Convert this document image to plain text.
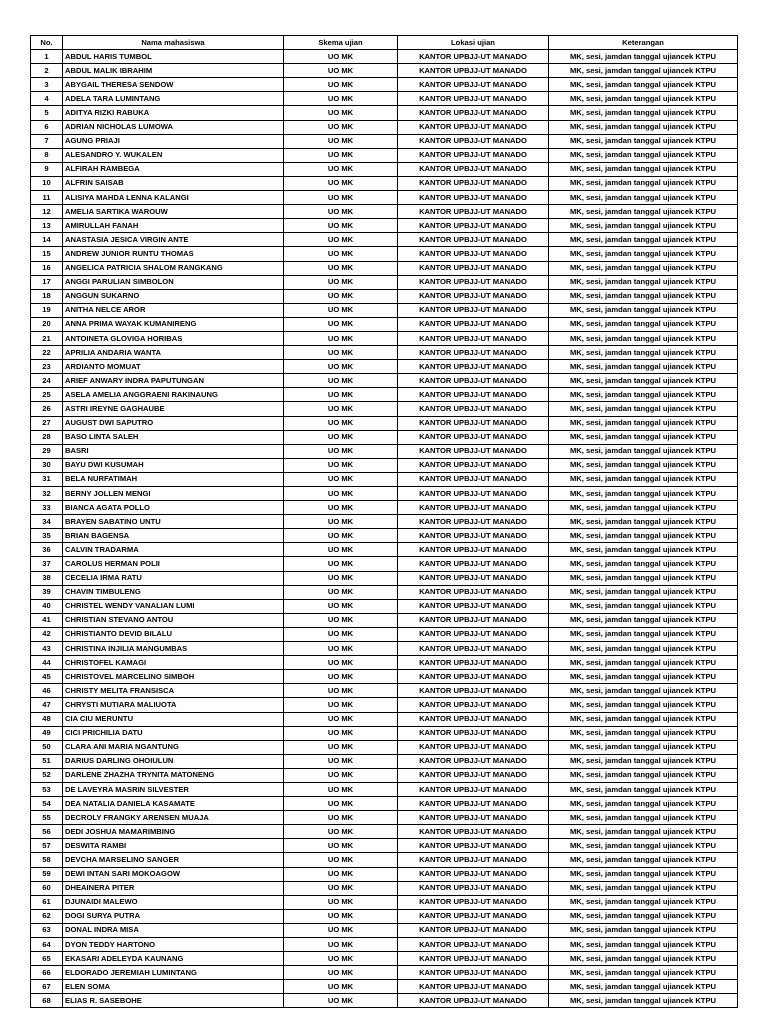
No.	Nama mahasiswa	Skema ujian	Lokasi ujian	Keterangan
1	ABDUL HARIS TUMBOL	UO MK	KANTOR UPBJJ-UT MANADO	MK, sesi, jamdan tanggal ujiancek KTPU
2	ABDUL MALIK IBRAHIM	UO MK	KANTOR UPBJJ-UT MANADO	MK, sesi, jamdan tanggal ujiancek KTPU
3	ABYGAIL THERESA SENDOW	UO MK	KANTOR UPBJJ-UT MANADO	MK, sesi, jamdan tanggal ujiancek KTPU
4	ADELA TARA LUMINTANG	UO MK	KANTOR UPBJJ-UT MANADO	MK, sesi, jamdan tanggal ujiancek KTPU
5	ADITYA RIZKI RABUKA	UO MK	KANTOR UPBJJ-UT MANADO	MK, sesi, jamdan tanggal ujiancek KTPU
6	ADRIAN NICHOLAS LUMOWA	UO MK	KANTOR UPBJJ-UT MANADO	MK, sesi, jamdan tanggal ujiancek KTPU
7	AGUNG PRIAJI	UO MK	KANTOR UPBJJ-UT MANADO	MK, sesi, jamdan tanggal ujiancek KTPU
8	ALESANDRO Y. WUKALEN	UO MK	KANTOR UPBJJ-UT MANADO	MK, sesi, jamdan tanggal ujiancek KTPU
9	ALFIRAH RAMBEGA	UO MK	KANTOR UPBJJ-UT MANADO	MK, sesi, jamdan tanggal ujiancek KTPU
10	ALFRIN SAISAB	UO MK	KANTOR UPBJJ-UT MANADO	MK, sesi, jamdan tanggal ujiancek KTPU
11	ALISIYA MAHDA LENNA KALANGI	UO MK	KANTOR UPBJJ-UT MANADO	MK, sesi, jamdan tanggal ujiancek KTPU
12	AMELIA SARTIKA WAROUW	UO MK	KANTOR UPBJJ-UT MANADO	MK, sesi, jamdan tanggal ujiancek KTPU
13	AMIRULLAH FANAH	UO MK	KANTOR UPBJJ-UT MANADO	MK, sesi, jamdan tanggal ujiancek KTPU
14	ANASTASIA JESICA VIRGIN ANTE	UO MK	KANTOR UPBJJ-UT MANADO	MK, sesi, jamdan tanggal ujiancek KTPU
15	ANDREW JUNIOR RUNTU THOMAS	UO MK	KANTOR UPBJJ-UT MANADO	MK, sesi, jamdan tanggal ujiancek KTPU
16	ANGELICA PATRICIA SHALOM RANGKANG	UO MK	KANTOR UPBJJ-UT MANADO	MK, sesi, jamdan tanggal ujiancek KTPU
17	ANGGI PARULIAN SIMBOLON	UO MK	KANTOR UPBJJ-UT MANADO	MK, sesi, jamdan tanggal ujiancek KTPU
18	ANGGUN SUKARNO	UO MK	KANTOR UPBJJ-UT MANADO	MK, sesi, jamdan tanggal ujiancek KTPU
19	ANITHA NELCE AROR	UO MK	KANTOR UPBJJ-UT MANADO	MK, sesi, jamdan tanggal ujiancek KTPU
20	ANNA PRIMA WAYAK KUMANIRENG	UO MK	KANTOR UPBJJ-UT MANADO	MK, sesi, jamdan tanggal ujiancek KTPU
21	ANTOINETA GLOVIGA HORIBAS	UO MK	KANTOR UPBJJ-UT MANADO	MK, sesi, jamdan tanggal ujiancek KTPU
22	APRILIA ANDARIA WANTA	UO MK	KANTOR UPBJJ-UT MANADO	MK, sesi, jamdan tanggal ujiancek KTPU
23	ARDIANTO MOMUAT	UO MK	KANTOR UPBJJ-UT MANADO	MK, sesi, jamdan tanggal ujiancek KTPU
24	ARIEF ANWARY INDRA PAPUTUNGAN	UO MK	KANTOR UPBJJ-UT MANADO	MK, sesi, jamdan tanggal ujiancek KTPU
25	ASELA AMELIA ANGGRAENI RAKINAUNG	UO MK	KANTOR UPBJJ-UT MANADO	MK, sesi, jamdan tanggal ujiancek KTPU
26	ASTRI IREYNE GAGHAUBE	UO MK	KANTOR UPBJJ-UT MANADO	MK, sesi, jamdan tanggal ujiancek KTPU
27	AUGUST DWI SAPUTRO	UO MK	KANTOR UPBJJ-UT MANADO	MK, sesi, jamdan tanggal ujiancek KTPU
28	BASO LINTA SALEH	UO MK	KANTOR UPBJJ-UT MANADO	MK, sesi, jamdan tanggal ujiancek KTPU
29	BASRI	UO MK	KANTOR UPBJJ-UT MANADO	MK, sesi, jamdan tanggal ujiancek KTPU
30	BAYU DWI KUSUMAH	UO MK	KANTOR UPBJJ-UT MANADO	MK, sesi, jamdan tanggal ujiancek KTPU
31	BELA NURFATIMAH	UO MK	KANTOR UPBJJ-UT MANADO	MK, sesi, jamdan tanggal ujiancek KTPU
32	BERNY JOLLEN MENGI	UO MK	KANTOR UPBJJ-UT MANADO	MK, sesi, jamdan tanggal ujiancek KTPU
33	BIANCA AGATA POLLO	UO MK	KANTOR UPBJJ-UT MANADO	MK, sesi, jamdan tanggal ujiancek KTPU
34	BRAYEN SABATINO UNTU	UO MK	KANTOR UPBJJ-UT MANADO	MK, sesi, jamdan tanggal ujiancek KTPU
35	BRIAN BAGENSA	UO MK	KANTOR UPBJJ-UT MANADO	MK, sesi, jamdan tanggal ujiancek KTPU
36	CALVIN TRADARMA	UO MK	KANTOR UPBJJ-UT MANADO	MK, sesi, jamdan tanggal ujiancek KTPU
37	CAROLUS HERMAN POLII	UO MK	KANTOR UPBJJ-UT MANADO	MK, sesi, jamdan tanggal ujiancek KTPU
38	CECELIA IRMA RATU	UO MK	KANTOR UPBJJ-UT MANADO	MK, sesi, jamdan tanggal ujiancek KTPU
39	CHAVIN TIMBULENG	UO MK	KANTOR UPBJJ-UT MANADO	MK, sesi, jamdan tanggal ujiancek KTPU
40	CHRISTEL WENDY VANALIAN LUMI	UO MK	KANTOR UPBJJ-UT MANADO	MK, sesi, jamdan tanggal ujiancek KTPU
41	CHRISTIAN STEVANO ANTOU	UO MK	KANTOR UPBJJ-UT MANADO	MK, sesi, jamdan tanggal ujiancek KTPU
42	CHRISTIANTO DEVID BILALU	UO MK	KANTOR UPBJJ-UT MANADO	MK, sesi, jamdan tanggal ujiancek KTPU
43	CHRISTINA INJILIA MANGUMBAS	UO MK	KANTOR UPBJJ-UT MANADO	MK, sesi, jamdan tanggal ujiancek KTPU
44	CHRISTOFEL KAMAGI	UO MK	KANTOR UPBJJ-UT MANADO	MK, sesi, jamdan tanggal ujiancek KTPU
45	CHRISTOVEL MARCELINO SIMBOH	UO MK	KANTOR UPBJJ-UT MANADO	MK, sesi, jamdan tanggal ujiancek KTPU
46	CHRISTY MELITA FRANSISCA	UO MK	KANTOR UPBJJ-UT MANADO	MK, sesi, jamdan tanggal ujiancek KTPU
47	CHRYSTI MUTIARA MALIUOTA	UO MK	KANTOR UPBJJ-UT MANADO	MK, sesi, jamdan tanggal ujiancek KTPU
48	CIA CIU MERUNTU	UO MK	KANTOR UPBJJ-UT MANADO	MK, sesi, jamdan tanggal ujiancek KTPU
49	CICI PRICHILIA DATU	UO MK	KANTOR UPBJJ-UT MANADO	MK, sesi, jamdan tanggal ujiancek KTPU
50	CLARA ANI MARIA NGANTUNG	UO MK	KANTOR UPBJJ-UT MANADO	MK, sesi, jamdan tanggal ujiancek KTPU
51	DARIUS DARLING OHOIULUN	UO MK	KANTOR UPBJJ-UT MANADO	MK, sesi, jamdan tanggal ujiancek KTPU
52	DARLENE ZHAZHA TRYNITA MATONENG	UO MK	KANTOR UPBJJ-UT MANADO	MK, sesi, jamdan tanggal ujiancek KTPU
53	DE LAVEYRA MASRIN SILVESTER	UO MK	KANTOR UPBJJ-UT MANADO	MK, sesi, jamdan tanggal ujiancek KTPU
54	DEA NATALIA DANIELA KASAMATE	UO MK	KANTOR UPBJJ-UT MANADO	MK, sesi, jamdan tanggal ujiancek KTPU
55	DECROLY FRANGKY ARENSEN MUAJA	UO MK	KANTOR UPBJJ-UT MANADO	MK, sesi, jamdan tanggal ujiancek KTPU
56	DEDI JOSHUA MAMARIMBING	UO MK	KANTOR UPBJJ-UT MANADO	MK, sesi, jamdan tanggal ujiancek KTPU
57	DESWITA RAMBI	UO MK	KANTOR UPBJJ-UT MANADO	MK, sesi, jamdan tanggal ujiancek KTPU
58	DEVCHA MARSELINO SANGER	UO MK	KANTOR UPBJJ-UT MANADO	MK, sesi, jamdan tanggal ujiancek KTPU
59	DEWI INTAN SARI MOKOAGOW	UO MK	KANTOR UPBJJ-UT MANADO	MK, sesi, jamdan tanggal ujiancek KTPU
60	DHEAINERA PITER	UO MK	KANTOR UPBJJ-UT MANADO	MK, sesi, jamdan tanggal ujiancek KTPU
61	DJUNAIDI MALEWO	UO MK	KANTOR UPBJJ-UT MANADO	MK, sesi, jamdan tanggal ujiancek KTPU
62	DOGI SURYA PUTRA	UO MK	KANTOR UPBJJ-UT MANADO	MK, sesi, jamdan tanggal ujiancek KTPU
63	DONAL INDRA MISA	UO MK	KANTOR UPBJJ-UT MANADO	MK, sesi, jamdan tanggal ujiancek KTPU
64	DYON TEDDY HARTONO	UO MK	KANTOR UPBJJ-UT MANADO	MK, sesi, jamdan tanggal ujiancek KTPU
65	EKASARI ADELEYDA KAUNANG	UO MK	KANTOR UPBJJ-UT MANADO	MK, sesi, jamdan tanggal ujiancek KTPU
66	ELDORADO JEREMIAH LUMINTANG	UO MK	KANTOR UPBJJ-UT MANADO	MK, sesi, jamdan tanggal ujiancek KTPU
67	ELEN SOMA	UO MK	KANTOR UPBJJ-UT MANADO	MK, sesi, jamdan tanggal ujiancek KTPU
68	ELIAS R. SASEBOHE	UO MK	KANTOR UPBJJ-UT MANADO	MK, sesi, jamdan tanggal ujiancek KTPU
